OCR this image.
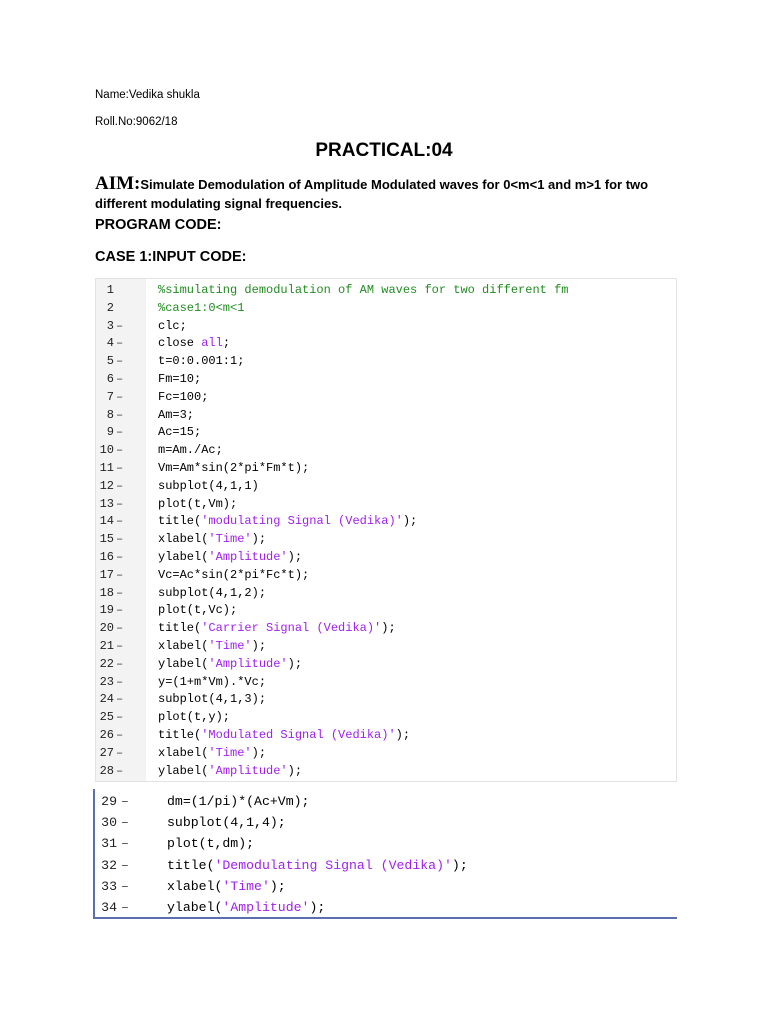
Name:Vedika shukla
Roll.No:9062/18
PRACTICAL:04
AIM:Simulate Demodulation of Amplitude Modulated waves for 0<m<1 and m>1 for two different modulating signal frequencies.
PROGRAM CODE:
CASE 1:INPUT CODE:
1	%simulating demodulation of AM waves for two different fm
2	%case1:0<m<1
3 –	clc;
4 –	close all;
5 –	t=0:0.001:1;
6 –	Fm=10;
7 –	Fc=100;
8 –	Am=3;
9 –	Ac=15;
10 –	m=Am./Ac;
11 –	Vm=Am*sin(2*pi*Fm*t);
12 –	subplot(4,1,1)
13 –	plot(t,Vm);
14 –	title('modulating Signal (Vedika)');
15 –	xlabel('Time');
16 –	ylabel('Amplitude');
17 –	Vc=Ac*sin(2*pi*Fc*t);
18 –	subplot(4,1,2);
19 –	plot(t,Vc);
20 –	title('Carrier Signal (Vedika)');
21 –	xlabel('Time');
22 –	ylabel('Amplitude');
23 –	y=(1+m*Vm).*Vc;
24 –	subplot(4,1,3);
25 –	plot(t,y);
26 –	title('Modulated Signal (Vedika)');
27 –	xlabel('Time');
28 –	ylabel('Amplitude');
29 –	dm=(1/pi)*(Ac+Vm);
30 –	subplot(4,1,4);
31 –	plot(t,dm);
32 –	title('Demodulating Signal (Vedika)');
33 –	xlabel('Time');
34 –	ylabel('Amplitude');
